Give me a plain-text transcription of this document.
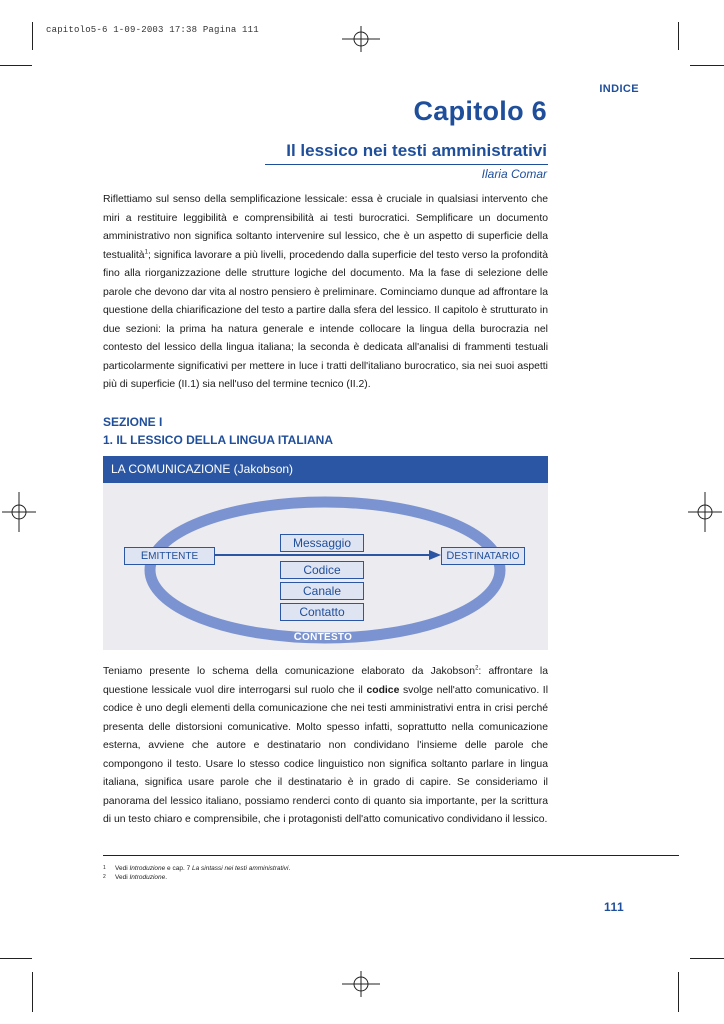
capitolo5-6 1-09-2003 17:38 Pagina 111
INDICE
Capitolo 6
Il lessico nei testi amministrativi
Ilaria Comar
Riflettiamo sul senso della semplificazione lessicale: essa è cruciale in qualsiasi intervento che miri a restituire leggibilità e comprensibilità ai testi burocratici. Semplificare un documento amministrativo non significa soltanto intervenire sul lessico, che è un aspetto di superficie della testualità$^1$; significa lavorare a più livelli, procedendo dalla superficie del testo verso la profondità fino alla riorganizzazione delle strutture logiche del documento. Ma la fase di selezione delle parole che devono dar vita al nostro pensiero è preliminare. Cominciamo dunque ad affrontare la questione della chiarificazione del testo a partire dalla sfera del lessico. Il capitolo è strutturato in due sezioni: la prima ha natura generale e intende collocare la lingua della burocrazia nel contesto del lessico della lingua italiana; la seconda è dedicata all'analisi di frammenti testuali particolarmente significativi per mettere in luce i tratti dell'italiano burocratico, sia nei suoi aspetti più di superficie (II.1) sia nell'uso del termine tecnico (II.2).
SEZIONE I
1. IL LESSICO DELLA LINGUA ITALIANA
LA COMUNICAZIONE (Jakobson)
EMITTENTE	DESTINATARIO
Messaggio
Codice
Canale
Contatto
CONTESTO
Teniamo presente lo schema della comunicazione elaborato da Jakobson$^2$: affrontare la questione lessicale vuol dire interrogarsi sul ruolo che il codice svolge nell'atto comunicativo. Il codice è uno degli elementi della comunicazione che nei testi amministrativi entra in crisi perché presenta delle distorsioni comunicative. Molto spesso infatti, soprattutto nella comunicazione esterna, avviene che autore e destinatario non condividano l'insieme delle parole che compongono il testo. Usare lo stesso codice linguistico non significa soltanto parlare in lingua italiana, significa usare parole che il destinatario è in grado di capire. Se consideriamo il panorama del lessico italiano, possiamo renderci conto di quanto sia importante, per la scrittura di un testo chiaro e comprensibile, che i protagonisti dell'atto comunicativo condividano il lessico.
1 Vedi Introduzione e cap. 7 La sintassi nei testi amministrativi.
2 Vedi Introduzione.
111
